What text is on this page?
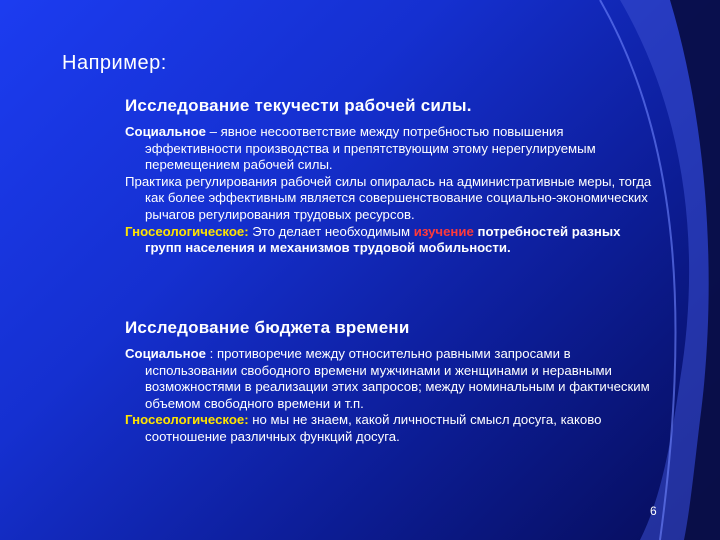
Например:
Исследование текучести рабочей силы.

Социальное – явное несоответствие между потребностью повышения эффективности производства и препятствующим этому нерегулируемым перемещением рабочей силы.

Практика регулирования рабочей силы опиралась на административные меры, тогда как более эффективным является совершенствование социально-экономических рычагов регулирования трудовых ресурсов.

Гносеологическое: Это делает необходимым изучение потребностей разных групп населения и механизмов трудовой мобильности.

Исследование бюджета времени

Социальное : противоречие между относительно равными запросами в использовании свободного времени мужчинами и женщинами и неравными возможностями в реализации этих запросов; между номинальным и фактическим объемом свободного времени и т.п.

Гносеологическое: но мы не знаем, какой личностный смысл досуга, каково соотношение различных функций досуга.

6
